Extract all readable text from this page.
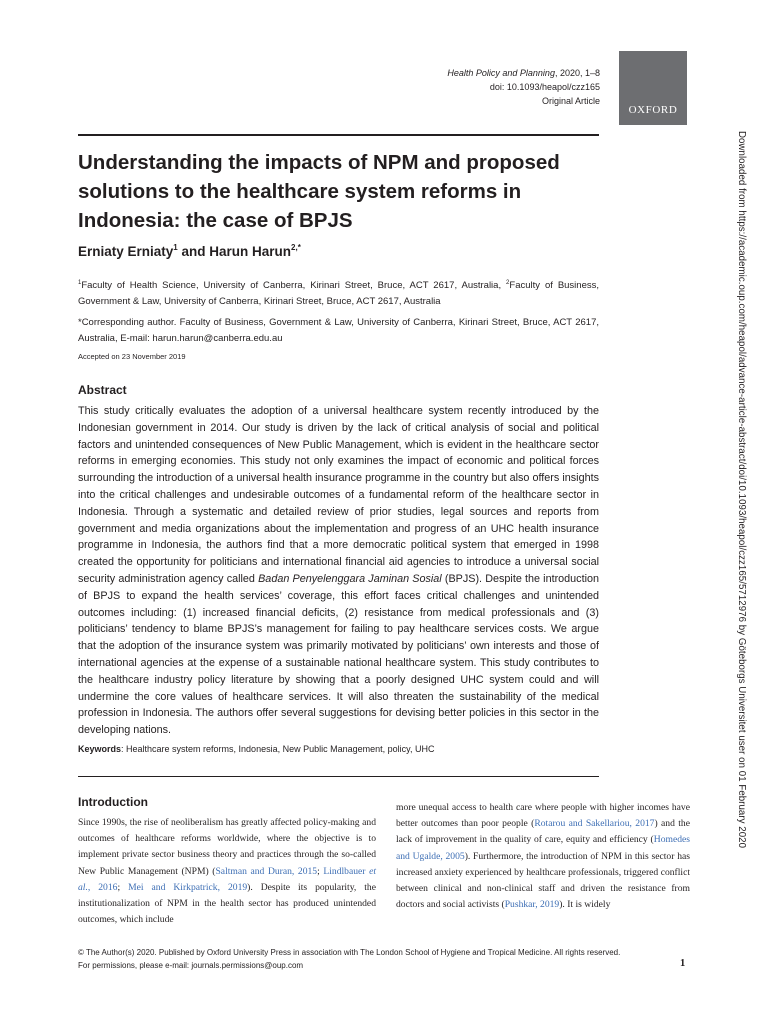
Health Policy and Planning, 2020, 1–8
doi: 10.1093/heapol/czz165
Original Article
OXFORD
Understanding the impacts of NPM and proposed solutions to the healthcare system reforms in Indonesia: the case of BPJS

Erniaty Erniaty$^1$ and Harun Harun$^{2,*}$

$^1$Faculty of Health Science, University of Canberra, Kirinari Street, Bruce, ACT 2617, Australia, $^2$Faculty of Business, Government & Law, University of Canberra, Kirinari Street, Bruce, ACT 2617, Australia

*Corresponding author. Faculty of Business, Government & Law, University of Canberra, Kirinari Street, Bruce, ACT 2617, Australia, E-mail: harun.harun@canberra.edu.au

Accepted on 23 November 2019
Abstract

This study critically evaluates the adoption of a universal healthcare system recently introduced by the Indonesian government in 2014. Our study is driven by the lack of critical analysis of social and political factors and unintended consequences of New Public Management, which is evident in the healthcare sector reforms in emerging economies. This study not only examines the impact of economic and political forces surrounding the introduction of a universal health insurance programme in the country but also offers insights into the critical challenges and undesirable outcomes of a fundamental reform of the healthcare sector in Indonesia. Through a systematic and detailed review of prior studies, legal sources and reports from government and media organizations about the implementation and progress of an UHC health insurance programme in Indonesia, the authors find that a more democratic political system that emerged in 1998 created the opportunity for politicians and international financial aid agencies to introduce a universal social security administration agency called Badan Penyelenggara Jaminan Sosial (BPJS). Despite the introduction of BPJS to expand the health services’ coverage, this effort faces critical challenges and unintended outcomes including: (1) increased financial deficits, (2) resistance from medical professionals and (3) politicians’ tendency to blame BPJS’s management for failing to pay healthcare services costs. We argue that the adoption of the insurance system was primarily motivated by politicians’ own interests and those of international agencies at the expense of a sustainable national healthcare system. This study contributes to the healthcare industry policy literature by showing that a poorly designed UHC system could and will undermine the core values of healthcare services. It will also threaten the sustainability of the medical profession in Indonesia. The authors offer several suggestions for devising better policies in this sector in the developing nations.

Keywords: Healthcare system reforms, Indonesia, New Public Management, policy, UHC
Introduction

Since 1990s, the rise of neoliberalism has greatly affected policy-making and outcomes of healthcare reforms worldwide, where the objective is to implement private sector business theory and practices through the so-called New Public Management (NPM) (Saltman and Duran, 2015; Lindlbauer et al., 2016; Mei and Kirkpatrick, 2019). Despite its popularity, the institutionalization of NPM in the health sector has produced unintended outcomes, which include

more unequal access to health care where people with higher incomes have better outcomes than poor people (Rotarou and Sakellariou, 2017) and the lack of improvement in the quality of care, equity and efficiency (Homedes and Ugalde, 2005). Furthermore, the introduction of NPM in this sector has increased anxiety experienced by healthcare professionals, triggered conflict between clinical and non-clinical staff and driven the resistance from doctors and social activists (Pushkar, 2019). It is widely

© The Author(s) 2020. Published by Oxford University Press in association with The London School of Hygiene and Tropical Medicine. All rights reserved.
For permissions, please e-mail: journals.permissions@oup.com	1
Downloaded from https://academic.oup.com/heapol/advance-article-abstract/doi/10.1093/heapol/czz165/5712976 by Göteborgs Universitet user on 01 February 2020
